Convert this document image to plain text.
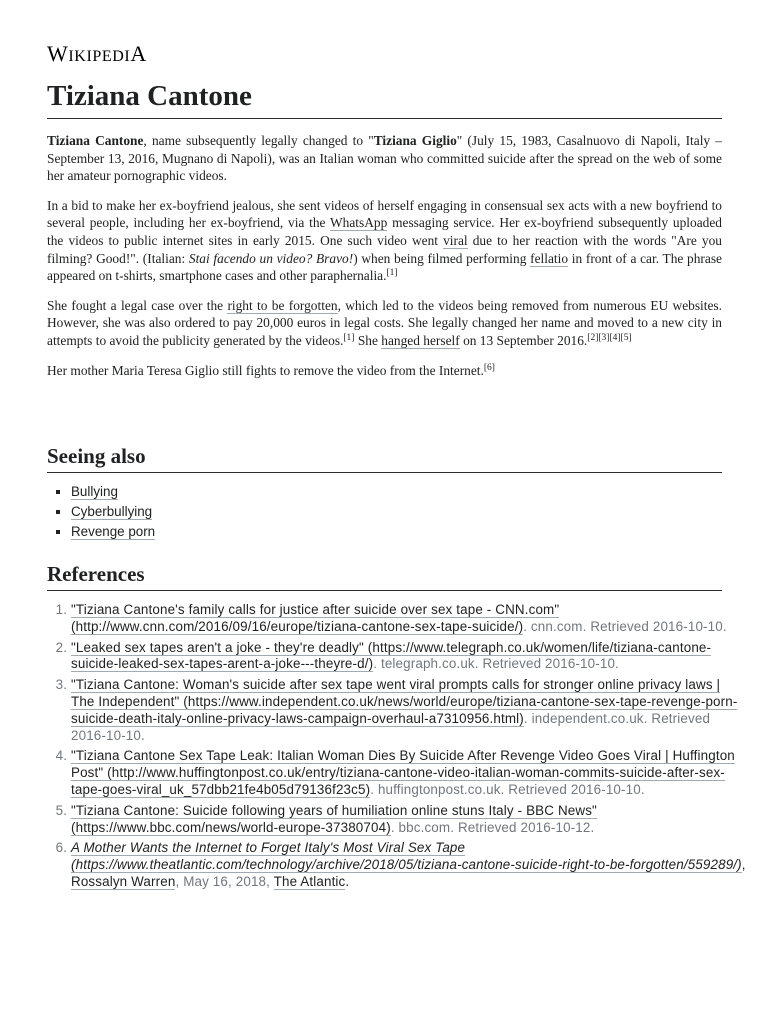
WIKIPEDIA
Tiziana Cantone

Tiziana Cantone, name subsequently legally changed to "Tiziana Giglio" (July 15, 1983, Casalnuovo di Napoli, Italy – September 13, 2016, Mugnano di Napoli), was an Italian woman who committed suicide after the spread on the web of some her amateur pornographic videos.

In a bid to make her ex-boyfriend jealous, she sent videos of herself engaging in consensual sex acts with a new boyfriend to several people, including her ex-boyfriend, via the WhatsApp messaging service. Her ex-boyfriend subsequently uploaded the videos to public internet sites in early 2015. One such video went viral due to her reaction with the words "Are you filming? Good!". (Italian: Stai facendo un video? Bravo!) when being filmed performing fellatio in front of a car. The phrase appeared on t-shirts, smartphone cases and other paraphernalia.[1]

She fought a legal case over the right to be forgotten, which led to the videos being removed from numerous EU websites. However, she was also ordered to pay 20,000 euros in legal costs. She legally changed her name and moved to a new city in attempts to avoid the publicity generated by the videos.[1] She hanged herself on 13 September 2016.[2][3][4][5]

Her mother Maria Teresa Giglio still fights to remove the video from the Internet.[6]

Seeing also
▪ Bullying
▪ Cyberbullying
▪ Revenge porn
References
1. "Tiziana Cantone's family calls for justice after suicide over sex tape - CNN.com" (http://www.cnn.com/2016/09/16/europe/tiziana-cantone-sex-tape-suicide/). cnn.com. Retrieved 2016-10-10.
2. "Leaked sex tapes aren't a joke - they're deadly" (https://www.telegraph.co.uk/women/life/tiziana-cantone-suicide-leaked-sex-tapes-arent-a-joke---theyre-d/). telegraph.co.uk. Retrieved 2016-10-10.
3. "Tiziana Cantone: Woman's suicide after sex tape went viral prompts calls for stronger online privacy laws | The Independent" (https://www.independent.co.uk/news/world/europe/tiziana-cantone-sex-tape-revenge-porn-suicide-death-italy-online-privacy-laws-campaign-overhaul-a7310956.html). independent.co.uk. Retrieved 2016-10-10.
4. "Tiziana Cantone Sex Tape Leak: Italian Woman Dies By Suicide After Revenge Video Goes Viral | Huffington Post" (http://www.huffingtonpost.co.uk/entry/tiziana-cantone-video-italian-woman-commits-suicide-after-sex-tape-goes-viral_uk_57dbb21fe4b05d79136f23c5). huffingtonpost.co.uk. Retrieved 2016-10-10.
5. "Tiziana Cantone: Suicide following years of humiliation online stuns Italy - BBC News" (https://www.bbc.com/news/world-europe-37380704). bbc.com. Retrieved 2016-10-12.
6. A Mother Wants the Internet to Forget Italy's Most Viral Sex Tape (https://www.theatlantic.com/technology/archive/2018/05/tiziana-cantone-suicide-right-to-be-forgotten/559289/), Rossalyn Warren, May 16, 2018, The Atlantic.
